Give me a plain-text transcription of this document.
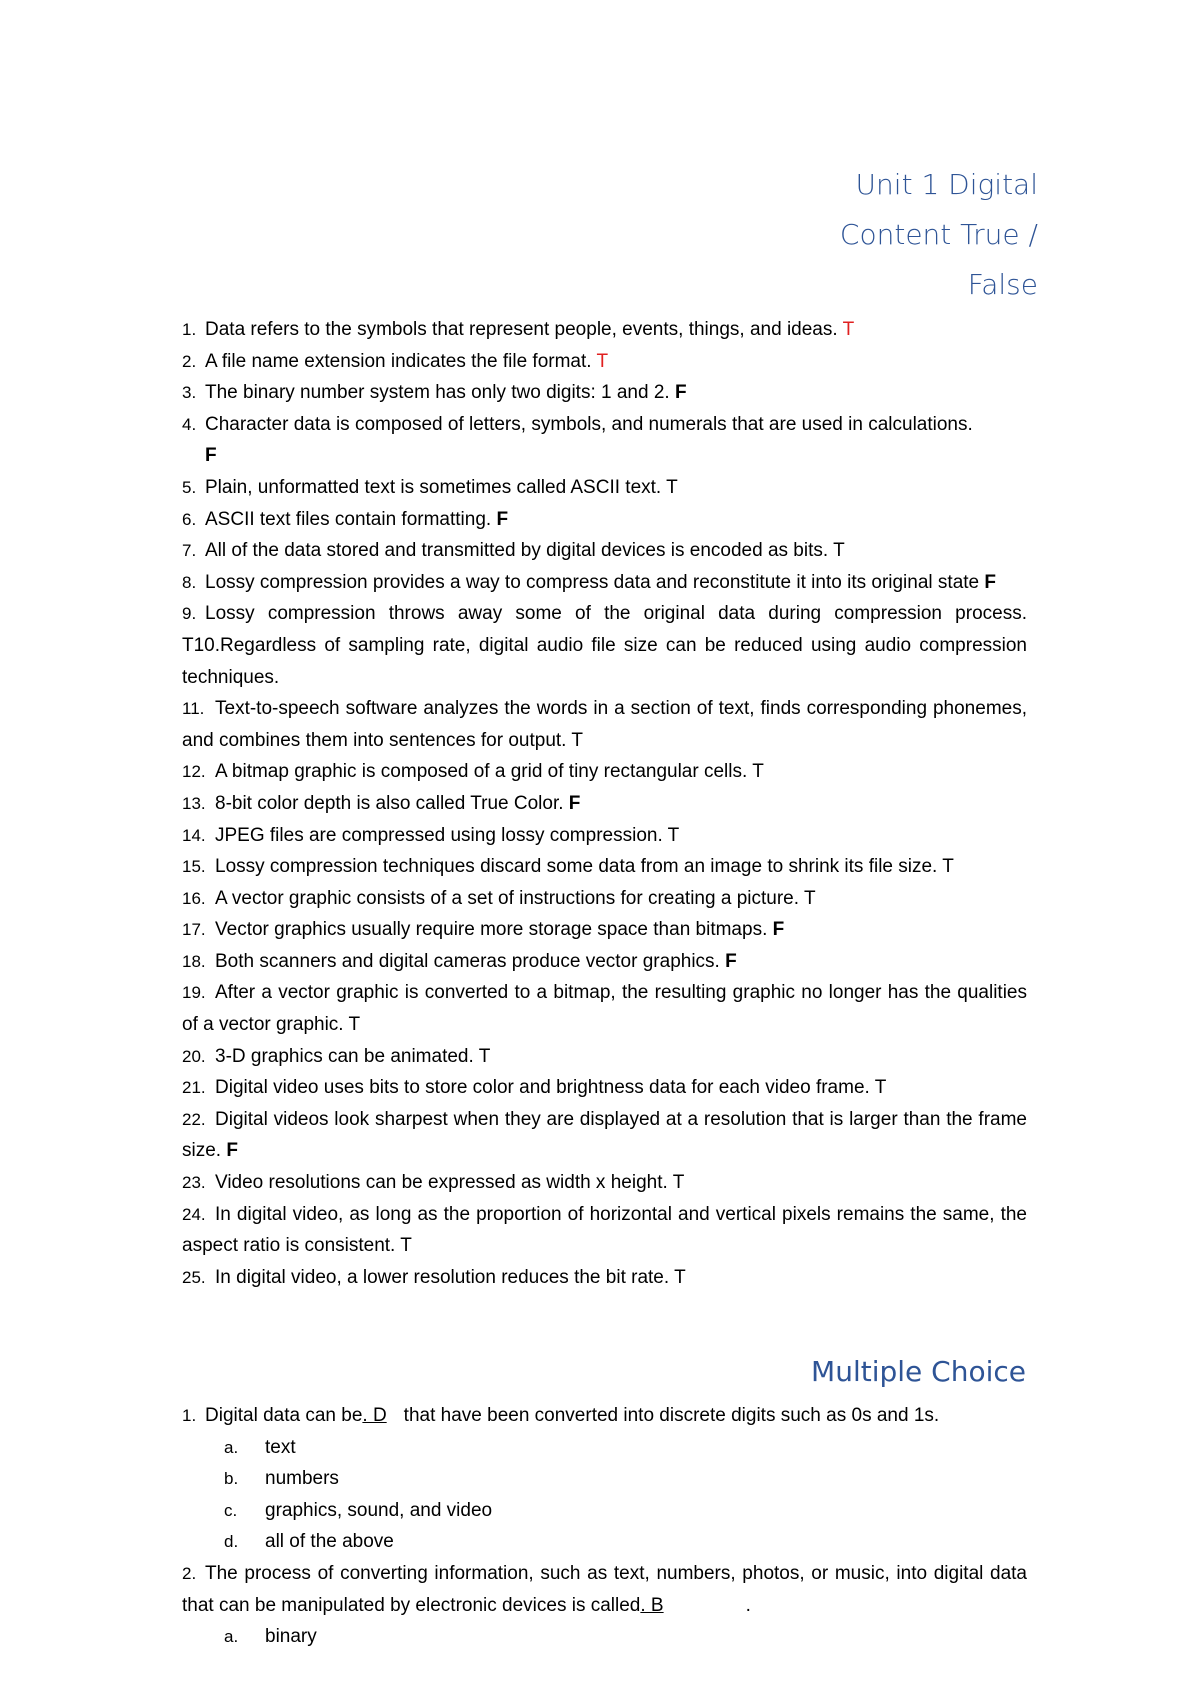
Unit 1 Digital
Content True /
False
1. Data refers to the symbols that represent people, events, things, and ideas. T
2. A file name extension indicates the file format. T
3. The binary number system has only two digits: 1 and 2. F
4. Character data is composed of letters, symbols, and numerals that are used in calculations.
F
5. Plain, unformatted text is sometimes called ASCII text. T
6. ASCII text files contain formatting. F
7. All of the data stored and transmitted by digital devices is encoded as bits. T
8. Lossy compression provides a way to compress data and reconstitute it into its original state F
9. Lossy compression throws away some of the original data during compression process. T10.Regardless of sampling rate, digital audio file size can be reduced using audio compression techniques.
11. Text-to-speech software analyzes the words in a section of text, finds corresponding phonemes, and combines them into sentences for output. T
12. A bitmap graphic is composed of a grid of tiny rectangular cells. T
13. 8-bit color depth is also called True Color. F
14. JPEG files are compressed using lossy compression. T
15. Lossy compression techniques discard some data from an image to shrink its file size. T
16. A vector graphic consists of a set of instructions for creating a picture. T
17. Vector graphics usually require more storage space than bitmaps. F
18. Both scanners and digital cameras produce vector graphics. F
19. After a vector graphic is converted to a bitmap, the resulting graphic no longer has the qualities of a vector graphic. T
20. 3-D graphics can be animated. T
21. Digital video uses bits to store color and brightness data for each video frame. T
22. Digital videos look sharpest when they are displayed at a resolution that is larger than the frame size. F
23. Video resolutions can be expressed as width x height. T
24. In digital video, as long as the proportion of horizontal and vertical pixels remains the same, the aspect ratio is consistent. T
25. In digital video, a lower resolution reduces the bit rate. T
Multiple Choice
1. Digital data can be. D that have been converted into discrete digits such as 0s and 1s.
a. text
b. numbers
c. graphics, sound, and video
d. all of the above
2. The process of converting information, such as text, numbers, photos, or music, into digital data that can be manipulated by electronic devices is called. B	.
a. binary
